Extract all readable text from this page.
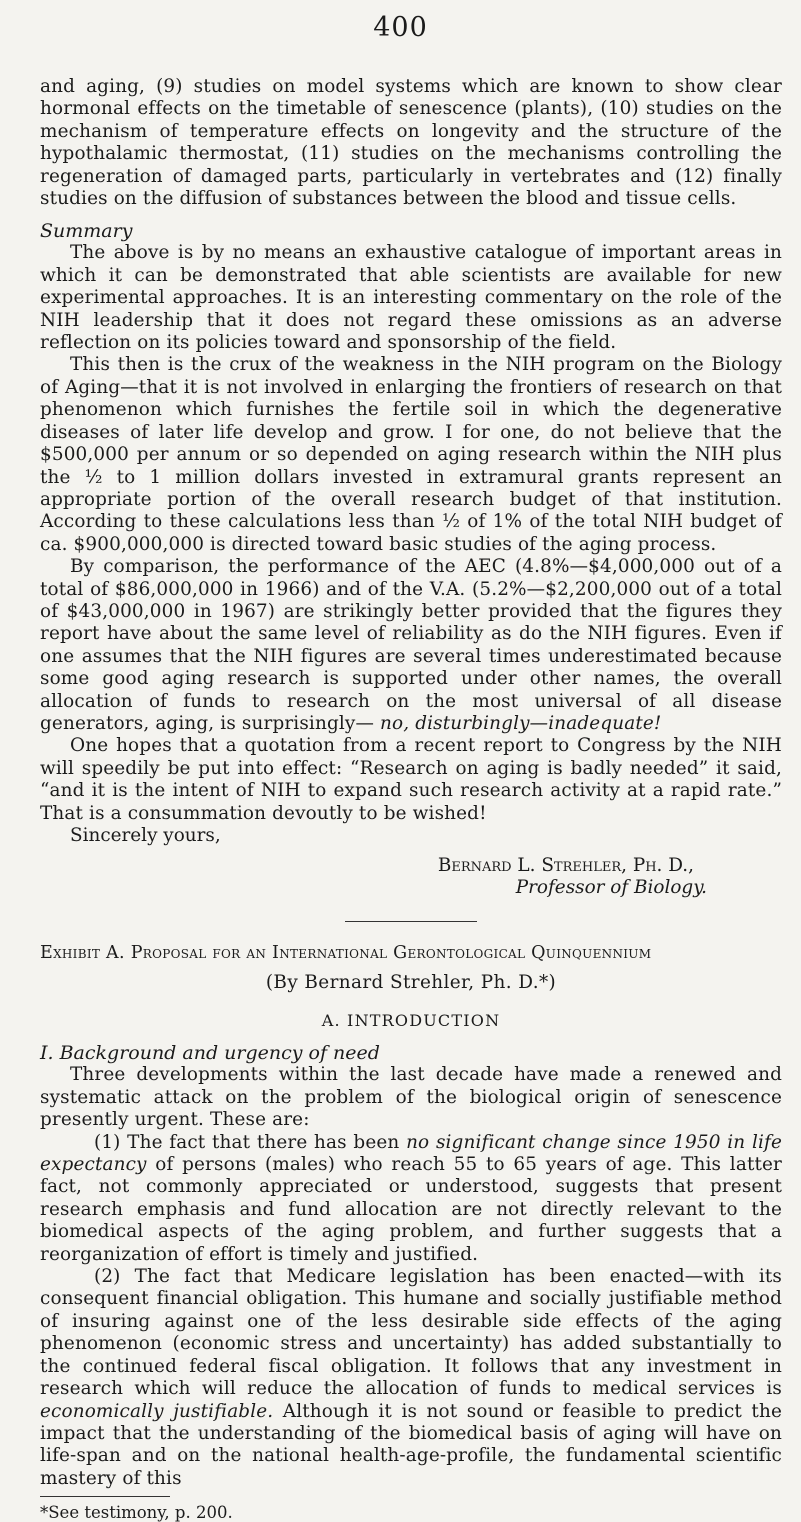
400

and aging, (9) studies on model systems which are known to show clear hormonal effects on the timetable of senescence (plants), (10) studies on the mechanism of temperature effects on longevity and the structure of the hypothalamic thermostat, (11) studies on the mechanisms controlling the regeneration of damaged parts, particularly in vertebrates and (12) finally studies on the diffusion of substances between the blood and tissue cells.

Summary

The above is by no means an exhaustive catalogue of important areas in which it can be demonstrated that able scientists are available for new experimental approaches. It is an interesting commentary on the role of the NIH leadership that it does not regard these omissions as an adverse reflection on its policies toward and sponsorship of the field.

This then is the crux of the weakness in the NIH program on the Biology of Aging—that it is not involved in enlarging the frontiers of research on that phenomenon which furnishes the fertile soil in which the degenerative diseases of later life develop and grow. I for one, do not believe that the $500,000 per annum or so depended on aging research within the NIH plus the ½ to 1 million dollars invested in extramural grants represent an appropriate portion of the overall research budget of that institution. According to these calculations less than ½ of 1% of the total NIH budget of ca. $900,000,000 is directed toward basic studies of the aging process.

By comparison, the performance of the AEC (4.8%—$4,000,000 out of a total of $86,000,000 in 1966) and of the V.A. (5.2%—$2,200,000 out of a total of $43,000,000 in 1967) are strikingly better provided that the figures they report have about the same level of reliability as do the NIH figures. Even if one assumes that the NIH figures are several times underestimated because some good aging research is supported under other names, the overall allocation of funds to research on the most universal of all disease generators, aging, is surprisingly— no, disturbingly—inadequate!

One hopes that a quotation from a recent report to Congress by the NIH will speedily be put into effect: “Research on aging is badly needed” it said, “and it is the intent of NIH to expand such research activity at a rapid rate.” That is a consummation devoutly to be wished!

Sincerely yours,
Bernard L. Strehler, Ph. D.,
Professor of Biology.
Exhibit A. Proposal for an International Gerontological Quinquennium
(By Bernard Strehler, Ph. D.*)
A. INTRODUCTION
I. Backgrou​nd and urgency of need

Three developments within the last decade have made a renewed and systematic attack on the problem of the biological origin of senescence presently urgent. These are:

(1) The fact that there has been no significant change since 1950 in life expectancy of persons (males) who reach 55 to 65 years of age. This latter fact, not commonly appreciated or understood, suggests that present research emphasis and fund allocation are not directly relevant to the biomedical aspects of the aging problem, and further suggests that a reorganization of effort is timely and justified.

(2) The fact that Medicare legislation has been enacted—with its consequent financial obligation. This humane and socially justifiable method of insuring against one of the less desirable side effects of the aging phenomenon (economic stress and uncertainty) has added substantially to the continued federal fiscal obligation. It follows that any investment in research which will reduce the allocation of funds to medical services is economically justifiable. Although it is not sound or feasible to predict the impact that the understanding of the biomedical basis of aging will have on life-span and on the national health-age-profile, the fundamental scientific mastery of this

*See testimony, p. 200.
